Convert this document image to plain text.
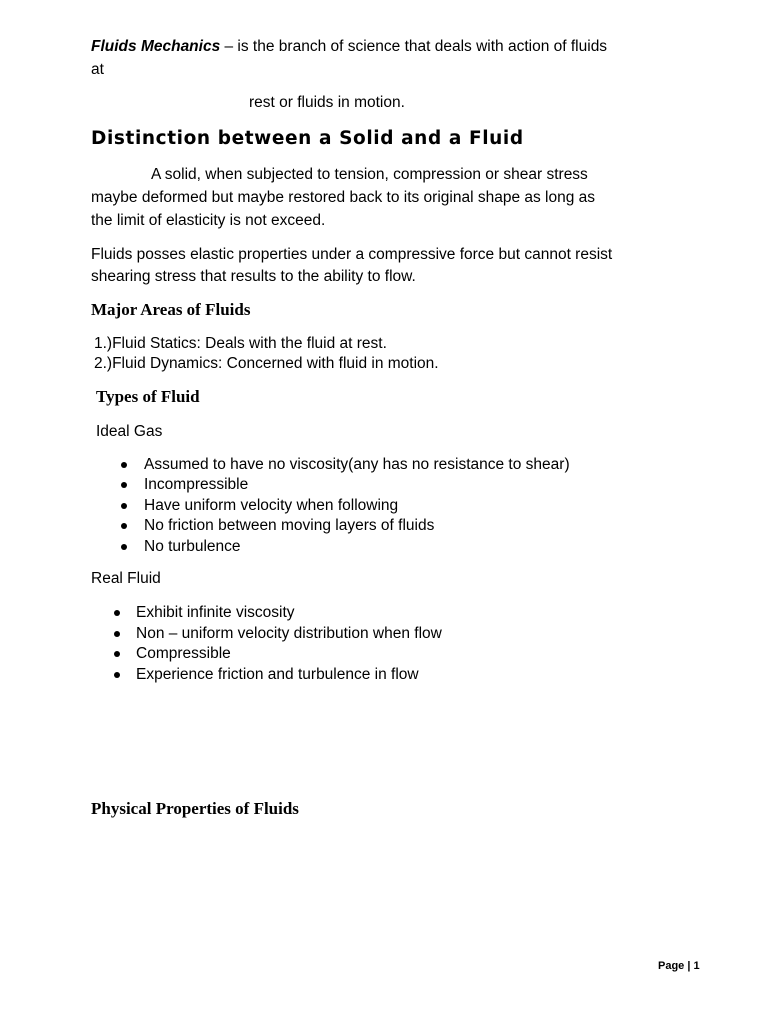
Fluids Mechanics – is the branch of science that deals with action of fluids
at
rest or fluids in motion.
Distinction between a Solid and a Fluid
A solid, when subjected to tension, compression or shear stress
maybe deformed but maybe restored back to its original shape as long as
the limit of elasticity is not exceed.
Fluids posses elastic properties under a compressive force but cannot resist
shearing stress that results to the ability to flow.
Major Areas of Fluids
1.)Fluid Statics: Deals with the fluid at rest.
2.)Fluid Dynamics: Concerned with fluid in motion.
Types of Fluid
Ideal Gas
Assumed to have no viscosity(any has no resistance to shear)
Incompressible
Have uniform velocity when following
No friction between moving layers of fluids
No turbulence
Real Fluid
Exhibit infinite viscosity
Non – uniform velocity distribution when flow
Compressible
Experience friction and turbulence in flow
Physical Properties of Fluids
Page | 1
